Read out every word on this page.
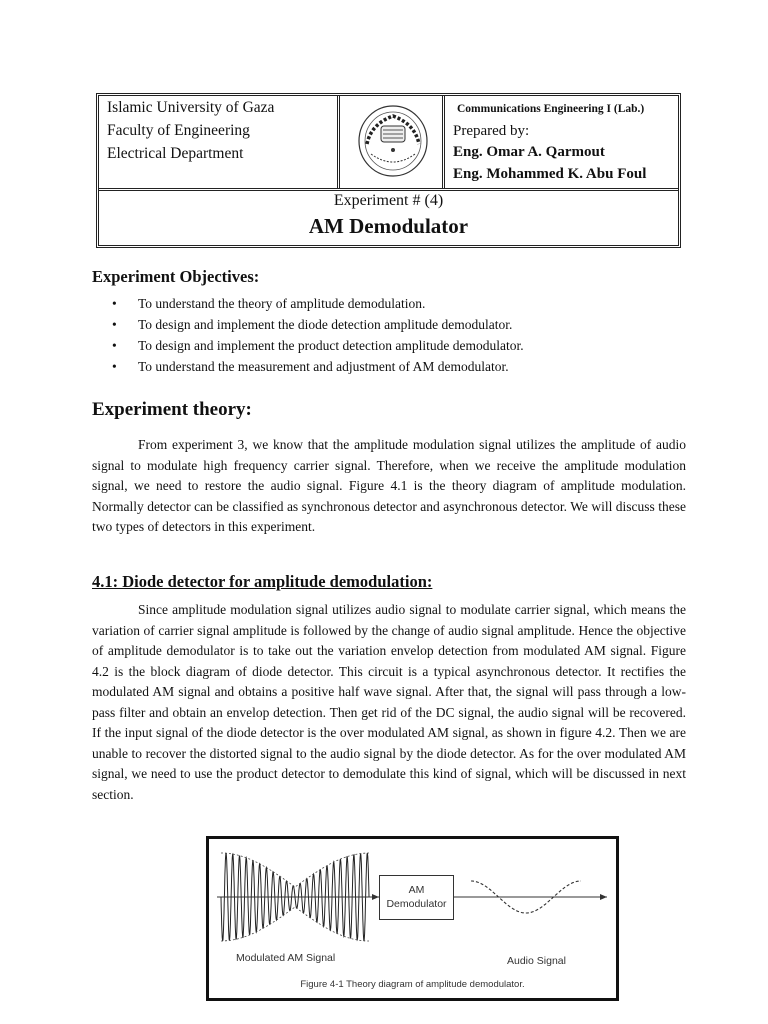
Islamic University of Gaza
Faculty of Engineering
Electrical Department
Communications Engineering I (Lab.)
Prepared by:
Eng. Omar A. Qarmout
Eng. Mohammed K. Abu Foul
Experiment # (4)
AM Demodulator
Experiment Objectives:
• To understand the theory of amplitude demodulation.
• To design and implement the diode detection amplitude demodulator.
• To design and implement the product detection amplitude demodulator.
• To understand the measurement and adjustment of AM demodulator.
Experiment theory:

From experiment 3, we know that the amplitude modulation signal utilizes the amplitude of audio signal to modulate high frequency carrier signal. Therefore, when we receive the amplitude modulation signal, we need to restore the audio signal. Figure 4.1 is the theory diagram of amplitude modulation. Normally detector can be classified as synchronous detector and asynchronous detector. We will discuss these two types of detectors in this experiment.

4.1: Diode detector for amplitude demodulation:

Since amplitude modulation signal utilizes audio signal to modulate carrier signal, which means the variation of carrier signal amplitude is followed by the change of audio signal amplitude. Hence the objective of amplitude demodulator is to take out the variation envelop detection from modulated AM signal. Figure 4.2 is the block diagram of diode detector. This circuit is a typical asynchronous detector. It rectifies the modulated AM signal and obtains a positive half wave signal. After that, the signal will pass through a low-pass filter and obtain an envelop detection. Then get rid of the DC signal, the audio signal will be recovered. If the input signal of the diode detector is the over modulated AM signal, as shown in figure 4.2. Then we are unable to recover the distorted signal to the audio signal by the diode detector. As for the over modulated AM signal, we need to use the product detector to demodulate this kind of signal, which will be discussed in next section.

AM
Demodulator
Modulated AM Signal	Audio Signal
Figure 4-1 Theory diagram of amplitude demodulator.
